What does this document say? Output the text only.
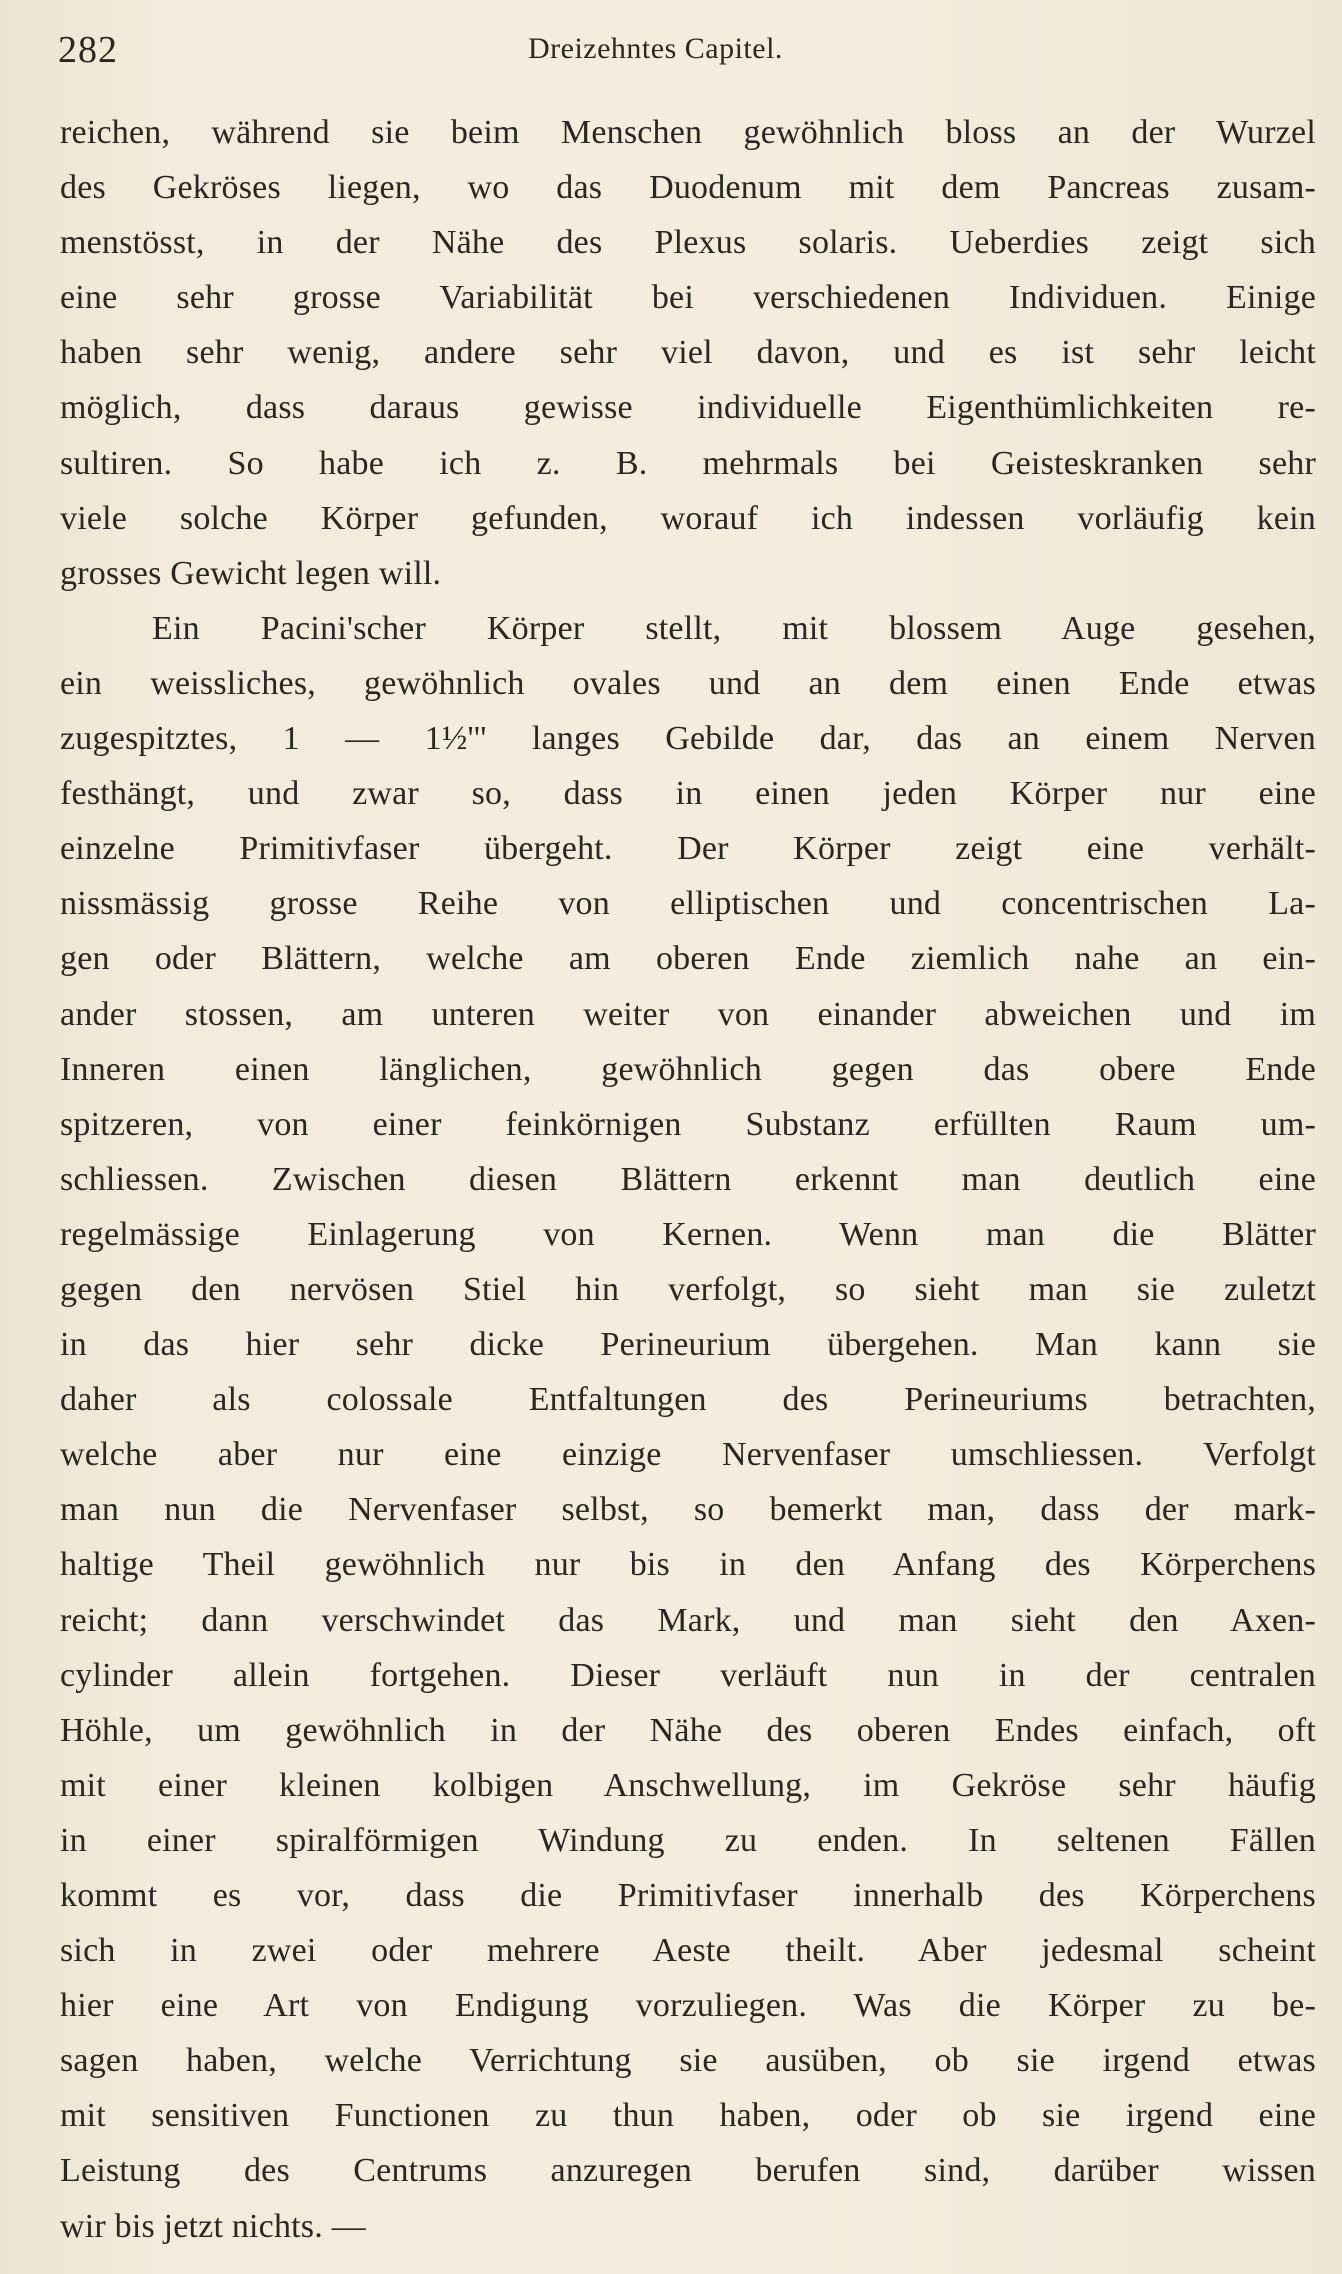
282	Dreizehntes Capitel.
reichen, während sie beim Menschen gewöhnlich bloss an der Wurzel
des Gekröses liegen, wo das Duodenum mit dem Pancreas zusam-
menstösst, in der Nähe des Plexus solaris. Ueberdies zeigt sich
eine sehr grosse Variabilität bei verschiedenen Individuen. Einige
haben sehr wenig, andere sehr viel davon, und es ist sehr leicht
möglich, dass daraus gewisse individuelle Eigenthümlichkeiten re-
sultiren. So habe ich z. B. mehrmals bei Geisteskranken sehr
viele solche Körper gefunden, worauf ich indessen vorläufig kein
grosses Gewicht legen will.
Ein Pacini'scher Körper stellt, mit blossem Auge gesehen,
ein weissliches, gewöhnlich ovales und an dem einen Ende etwas
zugespitztes, 1 — 1½''' langes Gebilde dar, das an einem Nerven
festhängt, und zwar so, dass in einen jeden Körper nur eine
einzelne Primitivfaser übergeht. Der Körper zeigt eine verhält-
nissmässig grosse Reihe von elliptischen und concentrischen La-
gen oder Blättern, welche am oberen Ende ziemlich nahe an ein-
ander stossen, am unteren weiter von einander abweichen und im
Inneren einen länglichen, gewöhnlich gegen das obere Ende
spitzeren, von einer feinkörnigen Substanz erfüllten Raum um-
schliessen. Zwischen diesen Blättern erkennt man deutlich eine
regelmässige Einlagerung von Kernen. Wenn man die Blätter
gegen den nervösen Stiel hin verfolgt, so sieht man sie zuletzt
in das hier sehr dicke Perineurium übergehen. Man kann sie
daher als colossale Entfaltungen des Perineuriums betrachten,
welche aber nur eine einzige Nervenfaser umschliessen. Verfolgt
man nun die Nervenfaser selbst, so bemerkt man, dass der mark-
haltige Theil gewöhnlich nur bis in den Anfang des Körperchens
reicht; dann verschwindet das Mark, und man sieht den Axen-
cylinder allein fortgehen. Dieser verläuft nun in der centralen
Höhle, um gewöhnlich in der Nähe des oberen Endes einfach, oft
mit einer kleinen kolbigen Anschwellung, im Gekröse sehr häufig
in einer spiralförmigen Windung zu enden. In seltenen Fällen
kommt es vor, dass die Primitivfaser innerhalb des Körperchens
sich in zwei oder mehrere Aeste theilt. Aber jedesmal scheint
hier eine Art von Endigung vorzuliegen. Was die Körper zu be-
sagen haben, welche Verrichtung sie ausüben, ob sie irgend etwas
mit sensitiven Functionen zu thun haben, oder ob sie irgend eine
Leistung des Centrums anzuregen berufen sind, darüber wissen
wir bis jetzt nichts. —
